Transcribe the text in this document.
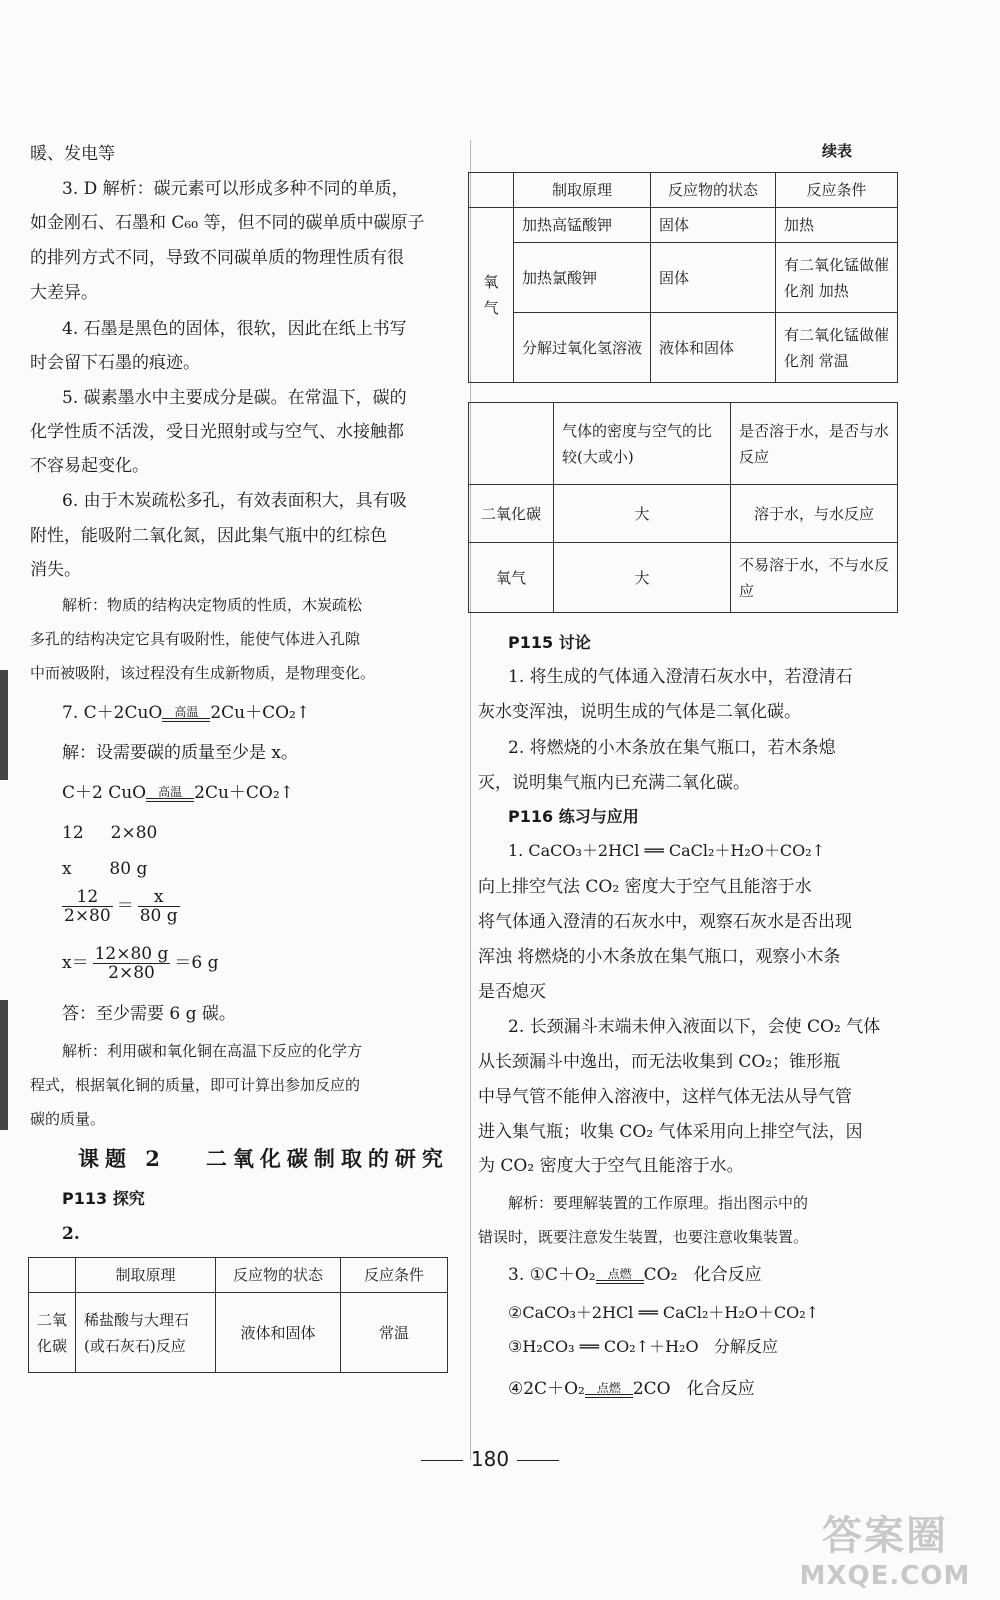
暖、发电等
3. D 解析：碳元素可以形成多种不同的单质，
如金刚石、石墨和 C₆₀ 等，但不同的碳单质中碳原子
的排列方式不同，导致不同碳单质的物理性质有很
大差异。
4. 石墨是黑色的固体，很软，因此在纸上书写
时会留下石墨的痕迹。
5. 碳素墨水中主要成分是碳。在常温下，碳的
化学性质不活泼，受日光照射或与空气、水接触都
不容易起变化。
6. 由于木炭疏松多孔，有效表面积大，具有吸
附性，能吸附二氧化氮，因此集气瓶中的红棕色
消失。
解析：物质的结构决定物质的性质，木炭疏松
多孔的结构决定它具有吸附性，能使气体进入孔隙
中而被吸附，该过程没有生成新物质，是物理变化。
7. C＋2CuO 高温 2Cu＋CO₂↑
解：设需要碳的质量至少是 x。
C＋2 CuO 高温 2Cu＋CO₂↑
12     2×80
x       80 g
$\frac{12}{2\times 80} = \frac{x}{80 g}$
$x= \frac{12\times 80 g}{2\times 80} =6$ g
答：至少需要 6 g 碳。
解析：利用碳和氧化铜在高温下反应的化学方
程式，根据氧化铜的质量，即可计算出参加反应的
碳的质量。
课题 2   二氧化碳制取的研究
P113 探究
2.
	制取原理	反应物的状态	反应条件
二氧化碳	稀盐酸与大理石(或石灰石)反应	液体和固体	常温
续表
	制取原理	反应物的状态	反应条件
氧气	加热高锰酸钾	固体	加热
	加热氯酸钾	固体	有二氧化锰做催化剂 加热
	分解过氧化氢溶液	液体和固体	有二氧化锰做催化剂 常温
	气体的密度与空气的比较(大或小)	是否溶于水，是否与水反应
二氧化碳	大	溶于水，与水反应
氧气	大	不易溶于水，不与水反应
P115 讨论
1. 将生成的气体通入澄清石灰水中，若澄清石
灰水变浑浊，说明生成的气体是二氧化碳。
2. 将燃烧的小木条放在集气瓶口，若木条熄
灭，说明集气瓶内已充满二氧化碳。
P116 练习与应用
1. CaCO₃＋2HCl ══ CaCl₂＋H₂O＋CO₂↑
向上排空气法 CO₂ 密度大于空气且能溶于水
将气体通入澄清的石灰水中，观察石灰水是否出现
浑浊 将燃烧的小木条放在集气瓶口，观察小木条
是否熄灭
2. 长颈漏斗末端未伸入液面以下，会使 CO₂ 气体
从长颈漏斗中逸出，而无法收集到 CO₂；锥形瓶
中导气管不能伸入溶液中，这样气体无法从导气管
进入集气瓶；收集 CO₂ 气体采用向上排空气法，因
为 CO₂ 密度大于空气且能溶于水。
解析：要理解装置的工作原理。指出图示中的
错误时，既要注意发生装置，也要注意收集装置。
3. ①C＋O₂ 点燃 CO₂   化合反应
②CaCO₃＋2HCl ══ CaCl₂＋H₂O＋CO₂↑
③H₂CO₃ ══ CO₂↑＋H₂O   分解反应
④2C＋O₂ 点燃 2CO   化合反应
180
答案圈
MXQE.COM
